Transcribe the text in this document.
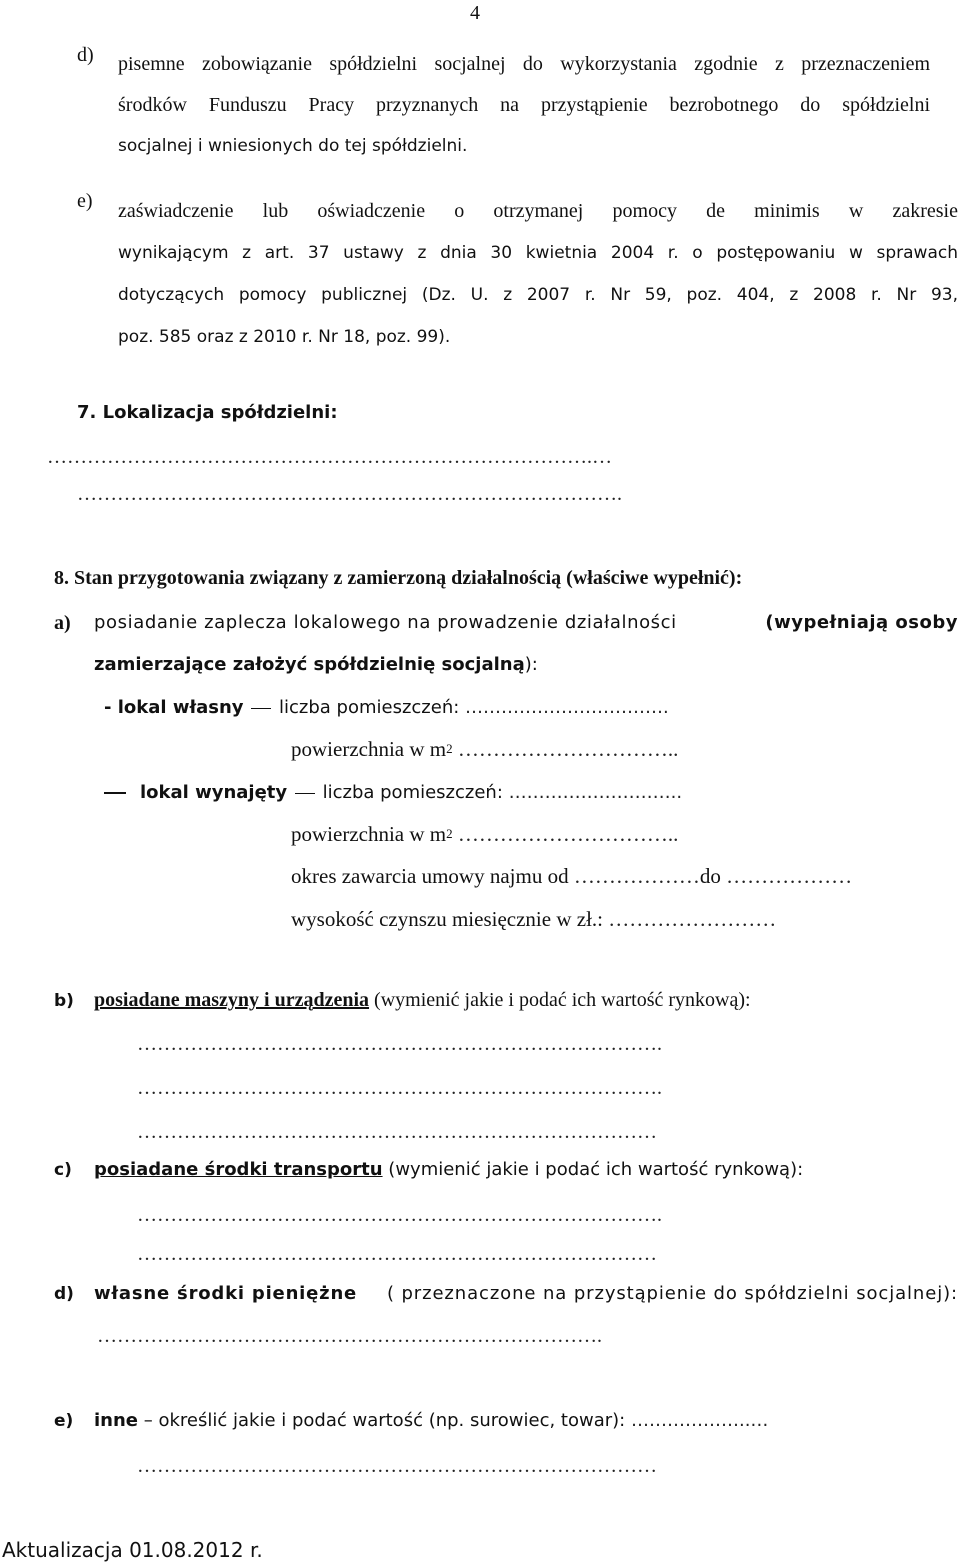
4
d) pisemne zobowiązanie spółdzielni socjalnej do wykorzystania zgodnie z przeznaczeniem
środków Funduszu Pracy przyznanych na przystąpienie bezrobotnego do spółdzielni
socjalnej i wniesionych do tej spółdzielni.
e) zaświadczenie lub oświadczenie o otrzymanej pomocy de minimis w zakresie
wynikającym z art. 37 ustawy z dnia 30 kwietnia 2004 r. o postępowaniu w sprawach
dotyczących pomocy publicznej (Dz. U. z 2007 r. Nr 59, poz. 404, z 2008 r. Nr 93,
poz. 585 oraz z 2010 r. Nr 18, poz. 99).
7. Lokalizacja spółdzielni:
……………………………………………………………………….…
……………………………………………………………………….
8. Stan przygotowania związany z zamierzoną działalnością (właściwe wypełnić):
a) posiadanie zaplecza lokalowego na prowadzenie działalności	(wypełniają osoby
zamierzające założyć spółdzielnię socjalną):
- lokal własny liczba pomieszczeń: …………………………….
powierzchnia w $m^2$ …………………………..
lokal wynajęty liczba pomieszczeń: ………………………..
powierzchnia w $m^2$ …………………………..
okres zawarcia umowy najmu od ………………do ………………
wysokość czynszu miesięcznie w zł.: ……………………
b) posiadane maszyny i urządzenia (wymienić jakie i podać ich wartość rynkową):
…………………………………………………………………….
…………………………………………………………………….
……………………………………………………………………
c) posiadane środki transportu (wymienić jakie i podać ich wartość rynkową):
…………………………………………………………………….
……………………………………………………………………
d) własne środki pieniężne ( przeznaczone na przystąpienie do spółdzielni socjalnej):
………………………………………………………………….
e) inne – określić jakie i podać wartość (np. surowiec, towar): ………………..…
……………………………………………………………………
Aktualizacja 01.08.2012 r.
